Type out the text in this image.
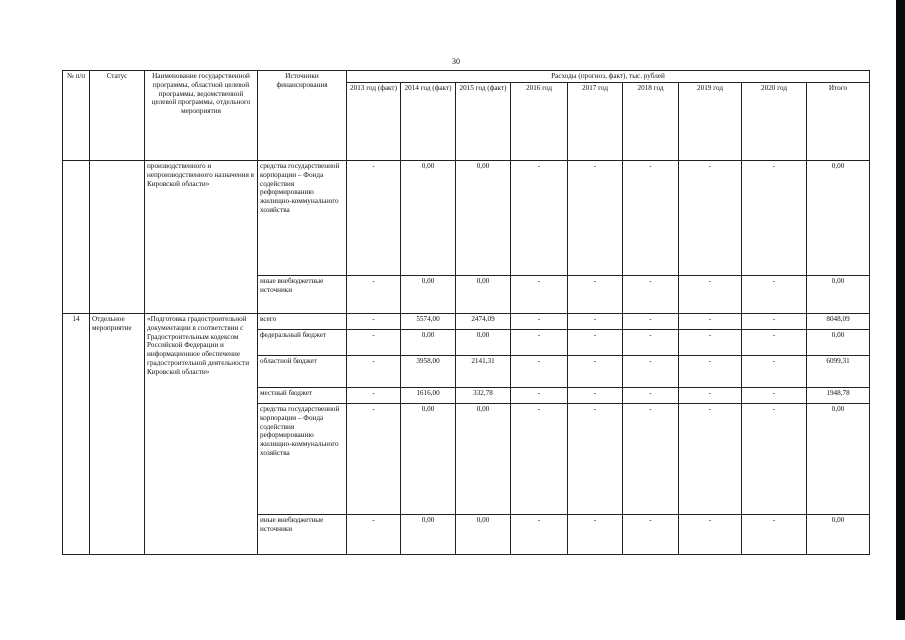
30
№ п/п	Статус	Наименование государственной программы, областной целевой программы, ведомственной целевой программы, отдельного мероприятия	Источники финансирования	Расходы (прогноз, факт), тыс. рублей								
				2013 год (факт)	2014 год (факт)	2015 год (факт)	2016 год	2017 год	2018 год	2019 год	2020 год	Итого
		производственного и непроизводственного назначения в Кировской области»	средства государственной корпорации – Фонда содействия реформированию жилищно-коммунального хозяйства	-	0,00	0,00	-	-	-	-	-	0,00
			иные внебюджетные источники	-	0,00	0,00	-	-	-	-	-	0,00
14	Отдельное мероприятие	«Подготовка градостроительной документации в соответствии с Градостроительным кодексом Российской Федерации и информационное обеспечение градостроительной деятельности Кировской области»	всего	-	5574,00	2474,09	-	-	-	-	-	8048,09
			федеральный бюджет	-	0,00	0,00	-	-	-	-	-	0,00
			областной бюджет	-	3958,00	2141,31	-	-	-	-	-	6099,31
			местный бюджет	-	1616,00	332,78	-	-	-	-	-	1948,78
			средства государственной корпорации – Фонда содействия реформированию жилищно-коммунального хозяйства	-	0,00	0,00	-	-	-	-	-	0,00
			иные внебюджетные источники	-	0,00	0,00	-	-	-	-	-	0,00
